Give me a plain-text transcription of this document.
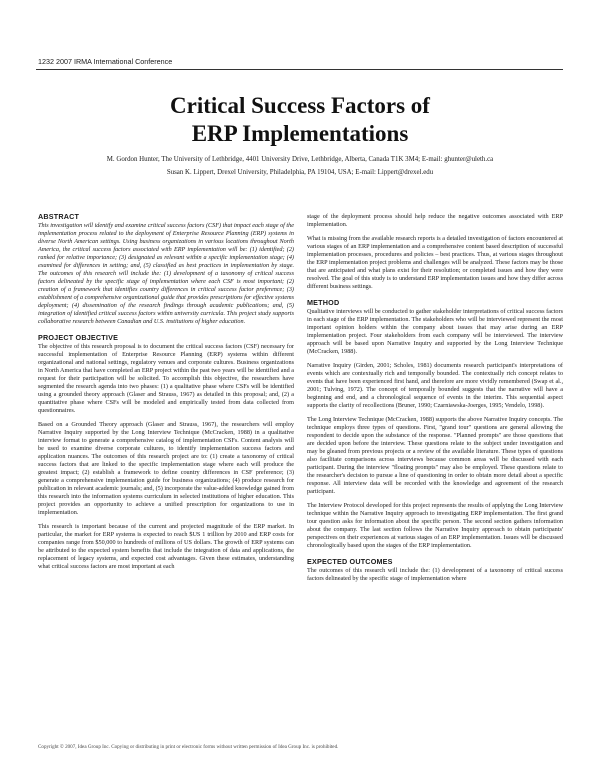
1232 2007 IRMA International Conference
Critical Success Factors of
ERP Implementations
M. Gordon Hunter, The University of Lethbridge, 4401 University Drive, Lethbridge, Alberta, Canada T1K 3M4; E-mail: ghunter@uleth.ca
Susan K. Lippert, Drexel University, Philadelphia, PA 19104, USA; E-mail: Lippert@drexel.edu
ABSTRACT

This investigation will identify and examine critical success factors (CSF) that impact each stage of the implementation process related to the deployment of Enterprise Resource Planning (ERP) systems in diverse North American settings. Using business organizations in various locations throughout North America, the critical success factors associated with ERP implementation will be: (1) identified; (2) ranked for relative importance; (3) designated as relevant within a specific implementation stage; (4) examined for differences in setting; and, (5) classified as best practices in implementation by stage. The outcomes of this research will include the: (1) development of a taxonomy of critical success factors delineated by the specific stage of implementation where each CSF is most important; (2) creation of a framework that identifies country differences in critical success factor preference; (3) establishment of a comprehensive organizational guide that provides prescriptions for effective systems deployment; (4) dissemination of the research findings through academic publications; and, (5) integration of identified critical success factors within university curricula. This project study supports collaborative research between Canadian and U.S. institutions of higher education.

PROJECT OBJECTIVE

The objective of this research proposal is to document the critical success factors (CSF) necessary for successful implementation of Enterprise Resource Planning (ERP) systems within different organizational and national settings, regulatory venues and corporate cultures. Business organizations in North America that have completed an ERP project within the past two years will be identified and a request for their participation will be solicited. To accomplish this objective, the researchers have segmented the research agenda into two phases: (1) a qualitative phase where CSFs will be identified using a grounded theory approach (Glaser and Strauss, 1967) as detailed in this proposal; and, (2) a quantitative phase where CSFs will be modeled and empirically tested from data collected from questionnaires.

Based on a Grounded Theory approach (Glaser and Strauss, 1967), the researchers will employ Narrative Inquiry supported by the Long Interview Technique (McCracken, 1988) in a qualitative interview format to generate a comprehensive catalog of implementation CSFs. Content analysis will be used to examine diverse corporate cultures, to identify implementation success factors and application nuances. The outcomes of this research project are to: (1) create a taxonomy of critical success factors that are linked to the specific implementation stage where each will produce the greatest impact; (2) establish a framework to define country differences in CSF preference; (3) generate a comprehensive implementation guide for business organizations; (4) produce research for publication in relevant academic journals; and, (5) incorporate the value-added knowledge gained from this research into the information systems curriculum in selected institutions of higher education. This project provides an opportunity to achieve a unified prescription for organizations to use in implementation.

This research is important because of the current and projected magnitude of the ERP market. In particular, the market for ERP systems is expected to reach $US 1 trillion by 2010 and ERP costs for companies range from $50,000 to hundreds of millions of US dollars. The growth of ERP systems can be attributed to the expected system benefits that include the integration of data and applications, the replacement of legacy systems, and expected cost advantages. Given these estimates, understanding what critical success factors are most important at each

stage of the deployment process should help reduce the negative outcomes associated with ERP implementation.

What is missing from the available research reports is a detailed investigation of factors encountered at various stages of an ERP implementation and a comprehensive content based description of successful implementation processes, procedures and policies – best practices. Thus, at various stages throughout the ERP implementation project problems and challenges will be analyzed. These factors may be those that are anticipated and what plans exist for their resolution; or completed issues and how they were resolved. The goal of this study is to understand ERP implementation issues and how they differ across different business settings.

METHOD

Qualitative interviews will be conducted to gather stakeholder interpretations of critical success factors in each stage of the ERP implementation. The stakeholders who will be interviewed represent the most important opinion holders within the company about issues that may arise during an ERP implementation project. Four stakeholders from each company will be interviewed. The interview approach will be based upon Narrative Inquiry and supported by the Long Interview Technique (McCracken, 1988).

Narrative Inquiry (Girden, 2001; Scholes, 1981) documents research participant's interpretations of events which are contextually rich and temporally bounded. The contextually rich concept relates to events that have been experienced first hand, and therefore are more vividly remembered (Swap et al., 2001; Tulving, 1972). The concept of temporally bounded suggests that the narrative will have a beginning and end, and a chronological sequence of events in the interim. This sequential aspect supports the clarity of recollections (Bruner, 1990; Czarniawska-Joerges, 1995; Vendelo, 1998).

The Long Interview Technique (McCracken, 1988) supports the above Narrative Inquiry concepts. The technique employs three types of questions. First, "grand tour" questions are general allowing the respondent to decide upon the substance of the response. "Planned prompts" are those questions that are decided upon before the interview. These questions relate to the subject under investigation and may be gleaned from previous projects or a review of the available literature. These types of questions also facilitate comparisons across interviews because common areas will be discussed with each participant. During the interview "floating prompts" may also be employed. These questions relate to the researcher's decision to pursue a line of questioning in order to obtain more detail about a specific response. All interview data will be recorded with the knowledge and agreement of the research participant.

The Interview Protocol developed for this project represents the results of applying the Long Interview technique within the Narrative Inquiry approach to investigating ERP implementation. The first grand tour question asks for information about the specific person. The second section gathers information about the company. The last section follows the Narrative Inquiry approach to obtain participants' perspectives on their experiences at various stages of an ERP implementation. Issues will be discussed chronologically based upon the stages of the ERP implementation.

EXPECTED OUTCOMES

The outcomes of this research will include the: (1) development of a taxonomy of critical success factors delineated by the specific stage of implementation where

Copyright © 2007, Idea Group Inc. Copying or distributing in print or electronic forms without written permission of Idea Group Inc. is prohibited.
